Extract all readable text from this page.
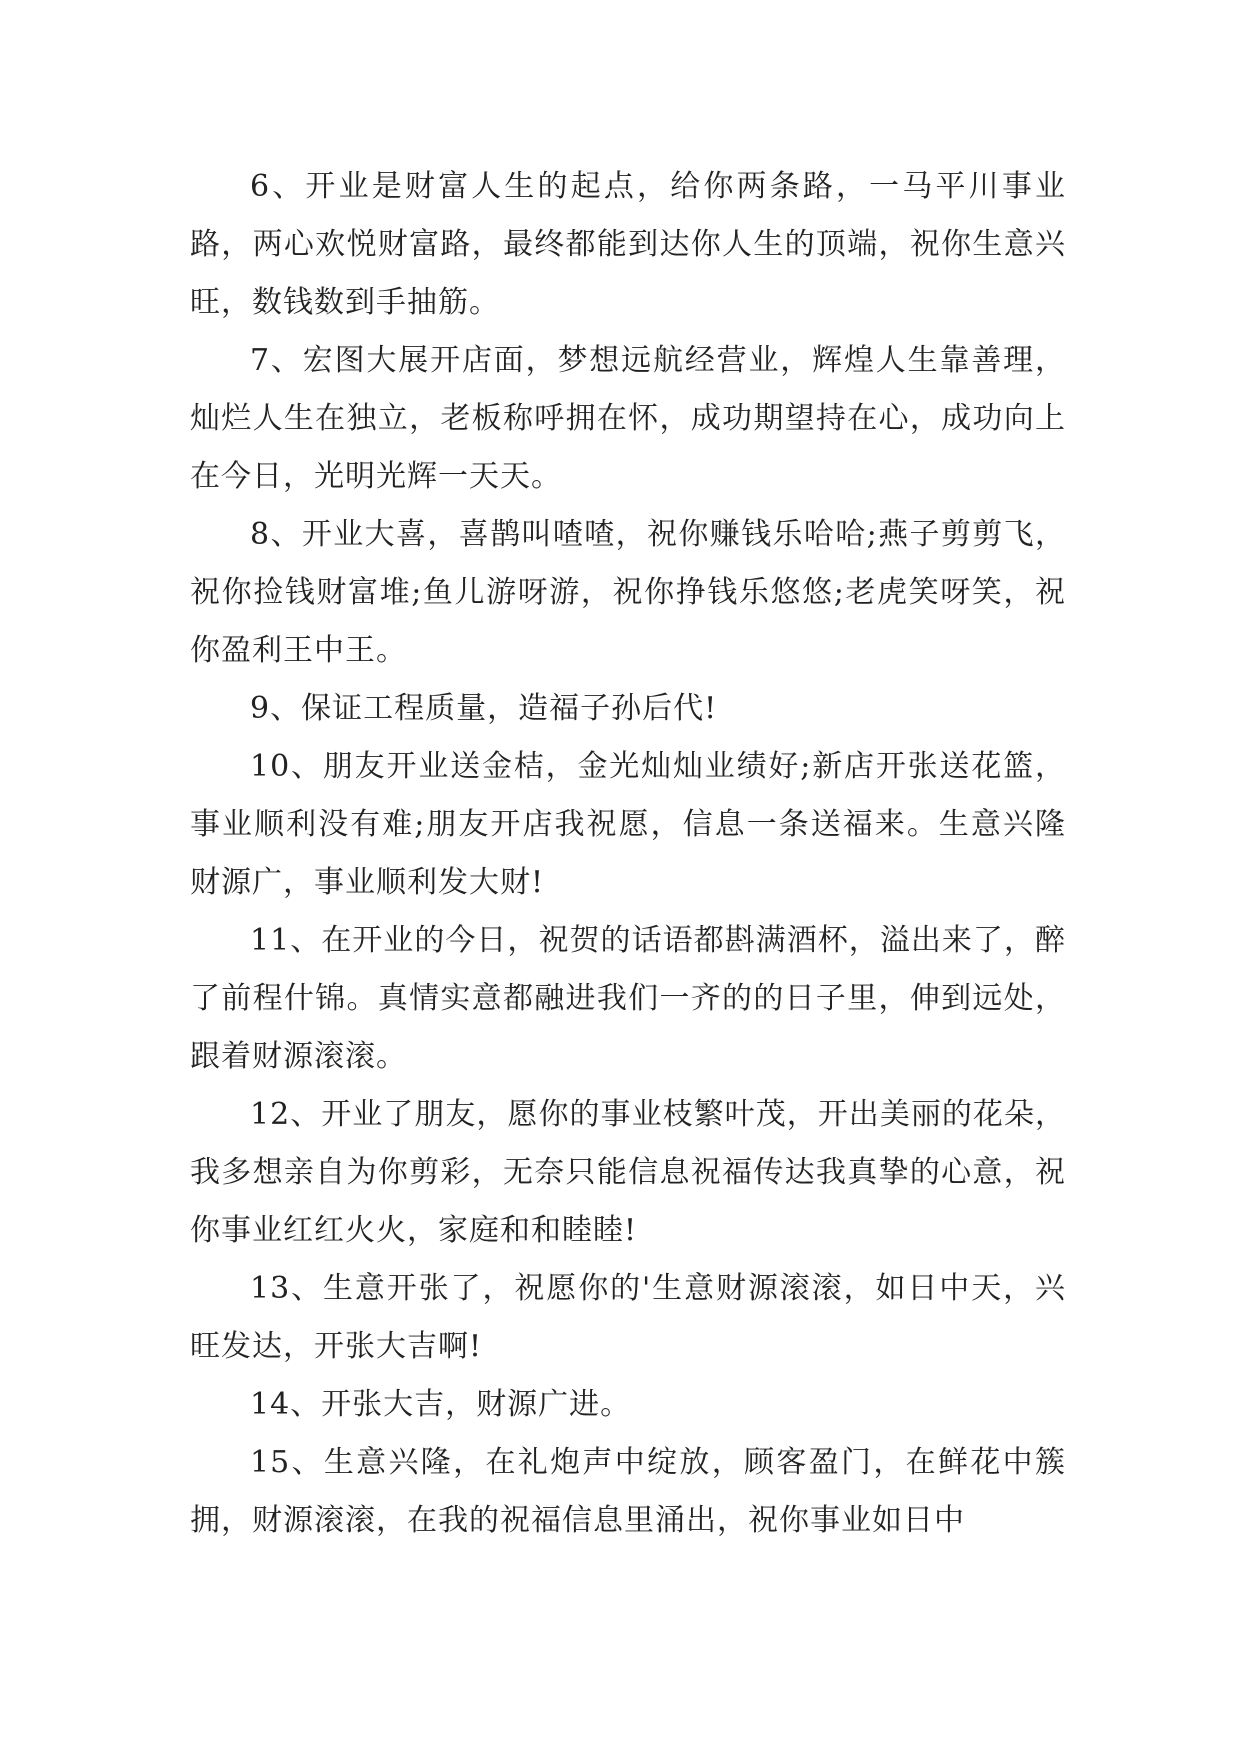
6、开业是财富人生的起点，给你两条路，一马平川事业路，两心欢悦财富路，最终都能到达你人生的顶端，祝你生意兴旺，数钱数到手抽筋。

7、宏图大展开店面，梦想远航经营业，辉煌人生靠善理，灿烂人生在独立，老板称呼拥在怀，成功期望持在心，成功向上在今日，光明光辉一天天。

8、开业大喜，喜鹊叫喳喳，祝你赚钱乐哈哈;燕子剪剪飞，祝你捡钱财富堆;鱼儿游呀游，祝你挣钱乐悠悠;老虎笑呀笑，祝你盈利王中王。

9、保证工程质量，造福子孙后代!

10、朋友开业送金桔，金光灿灿业绩好;新店开张送花篮，事业顺利没有难;朋友开店我祝愿，信息一条送福来。生意兴隆财源广，事业顺利发大财!

11、在开业的今日，祝贺的话语都斟满酒杯，溢出来了，醉了前程什锦。真情实意都融进我们一齐的的日子里，伸到远处，跟着财源滚滚。

12、开业了朋友，愿你的事业枝繁叶茂，开出美丽的花朵，我多想亲自为你剪彩，无奈只能信息祝福传达我真挚的心意，祝你事业红红火火，家庭和和睦睦!

13、生意开张了，祝愿你的'生意财源滚滚，如日中天，兴旺发达，开张大吉啊!

14、开张大吉，财源广进。

15、生意兴隆，在礼炮声中绽放，顾客盈门，在鲜花中簇拥，财源滚滚，在我的祝福信息里涌出，祝你事业如日中
